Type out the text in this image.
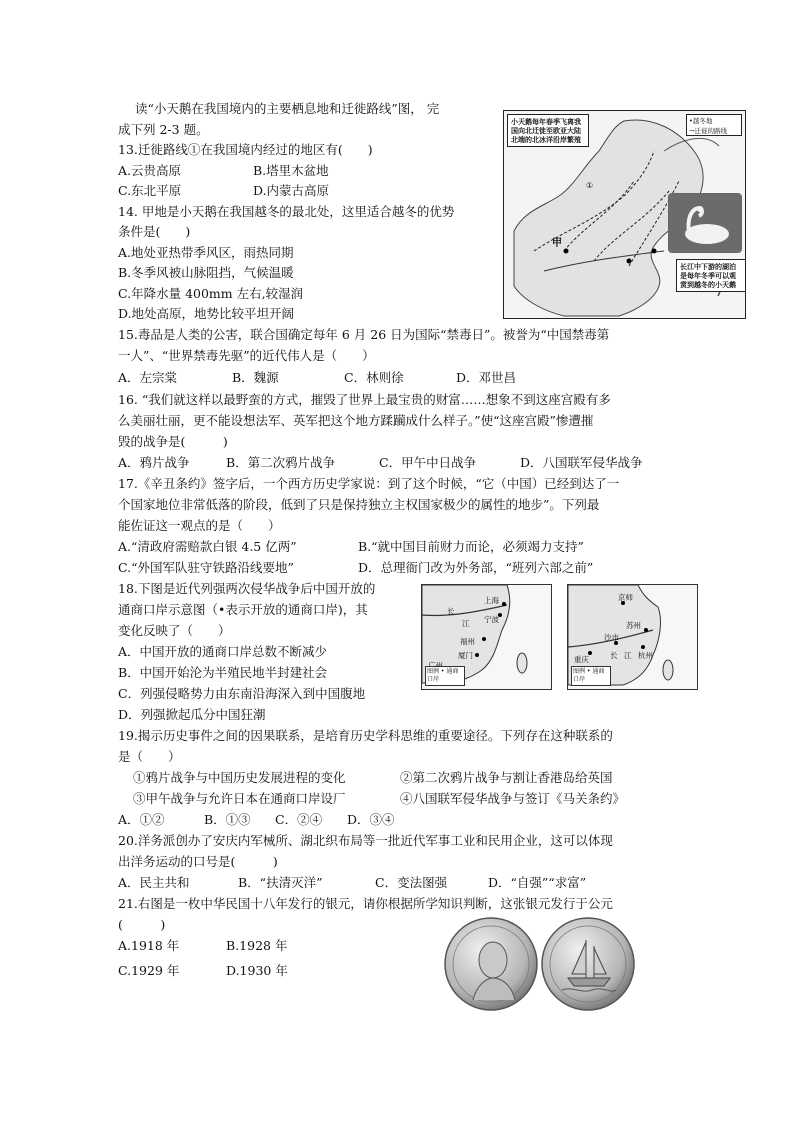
读“小天鹅在我国境内的主要栖息地和迁徙路线”图， 完
成下列 2-3 题。
13.迁徙路线①在我国境内经过的地区有(　　)
A.云贵高原	B.塔里木盆地
C.东北平原	D.内蒙古高原
14. 甲地是小天鹅在我国越冬的最北处，这里适合越冬的优势
条件是(　　)
A.地处亚热带季风区，雨热同期
B.冬季风被山脉阻挡，气候温暖
C.年降水量 400mm 左右,较湿润
D.地处高原，地势比较平坦开阔
小天鹅每年春季飞离我国向北迁徙至欧亚大陆北端的北冰洋沿岸繁殖
•越冬地
→迁徙的路线
长江中下游的湖泊是每年冬季可以观赏到越冬的小天鹅
甲
①
15.毒品是人类的公害，联合国确定每年 6 月 26 日为国际“禁毒日”。被誉为“中国禁毒第
一人”、“世界禁毒先驱”的近代伟人是（　　）
A．左宗棠	B．魏源	C．林则徐	D．邓世昌
16. “我们就这样以最野蛮的方式，摧毁了世界上最宝贵的财富……想象不到这座宫殿有多
么美丽壮丽，更不能设想法军、英军把这个地方蹂躏成什么样子。”使“这座宫殿”惨遭摧
毁的战争是(　　　)
A．鸦片战争	B．第二次鸦片战争	C．甲午中日战争	D．八国联军侵华战争
17.《辛丑条约》签字后，一个西方历史学家说：到了这个时候，“它（中国）已经到达了一
个国家地位非常低落的阶段，低到了只是保持独立主权国家极少的属性的地步”。下列最
能佐证这一观点的是（　　）
A.“清政府需赔款白银 4.5 亿两”	B.“就中国目前财力而论，必须竭力支持”
C.“外国军队驻守铁路沿线要地”	D．总理衙门改为外务部，“班列六部之前”
18.下图是近代列强两次侵华战争后中国开放的
通商口岸示意图（•表示开放的通商口岸)，其
变化反映了（　　）
A．中国开放的通商口岸总数不断减少
B．中国开始沦为半殖民地半封建社会
C．列强侵略势力由东南沿海深入到中国腹地
D．列强掀起瓜分中国狂潮
上海
宁波
长
江
福州
厦门
图例 • 通商口岸
京师
苏州
沙市
重庆	长 江 杭州
图例 • 通商口岸
19.揭示历史事件之间的因果联系，是培育历史学科思维的重要途径。下列存在这种联系的
是（　　）
①鸦片战争与中国历史发展进程的变化	②第二次鸦片战争与割让香港岛给英国
③甲午战争与允许日本在通商口岸设厂	④八国联军侵华战争与签订《马关条约》
A．①②	B．①③ C．②④ D．③④
20.洋务派创办了安庆内军械所、湖北织布局等一批近代军事工业和民用企业，这可以体现
出洋务运动的口号是(　　　)
A．民主共和	B．“扶清灭洋”	C．变法图强	D．“自强”“求富”
21.右图是一枚中华民国十八年发行的银元，请你根据所学知识判断，这张银元发行于公元
(　　　)
A.1918 年	B.1928 年
C.1929 年	D.1930 年
